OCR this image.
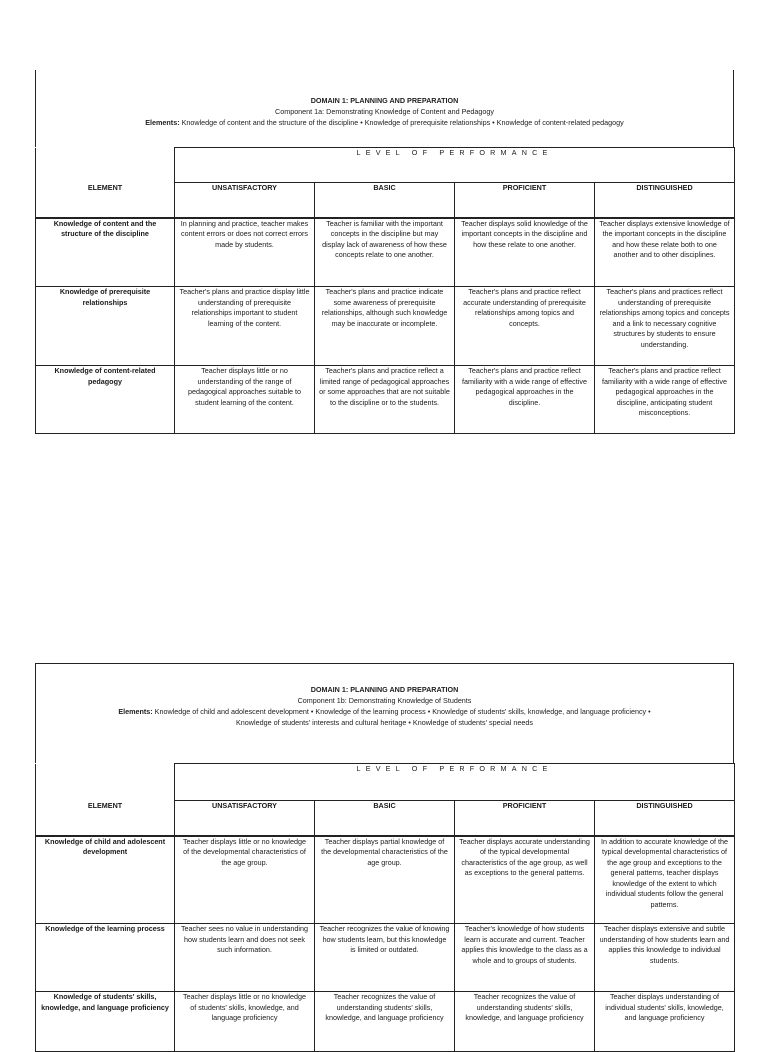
DOMAIN 1: PLANNING AND PREPARATION
Component 1a: Demonstrating Knowledge of Content and Pedagogy
Elements: Knowledge of content and the structure of the discipline • Knowledge of prerequisite relationships • Knowledge of content-related pedagogy
	LEVEL OF PERFORMANCE			
ELEMENT	UNSATISFACTORY	BASIC	PROFICIENT	DISTINGUISHED
Knowledge of content and the structure of the discipline	In planning and practice, teacher makes content errors or does not correct errors made by students.	Teacher is familiar with the important concepts in the discipline but may display lack of awareness of how these concepts relate to one another.	Teacher displays solid knowledge of the important concepts in the discipline and how these relate to one another.	Teacher displays extensive knowledge of the important concepts in the discipline and how these relate both to one another and to other disciplines.
Knowledge of prerequisite relationships	Teacher's plans and practice display little understanding of prerequisite relationships important to student learning of the content.	Teacher's plans and practice indicate some awareness of prerequisite relationships, although such knowledge may be inaccurate or incomplete.	Teacher's plans and practice reflect accurate understanding of prerequisite relationships among topics and concepts.	Teacher's plans and practices reflect understanding of prerequisite relationships among topics and concepts and a link to necessary cognitive structures by students to ensure understanding.
Knowledge of content-related pedagogy	Teacher displays little or no understanding of the range of pedagogical approaches suitable to student learning of the content.	Teacher's plans and practice reflect a limited range of pedagogical approaches or some approaches that are not suitable to the discipline or to the students.	Teacher's plans and practice reflect familiarity with a wide range of effective pedagogical approaches in the discipline.	Teacher's plans and practice reflect familiarity with a wide range of effective pedagogical approaches in the discipline, anticipating student misconceptions.
DOMAIN 1: PLANNING AND PREPARATION
Component 1b: Demonstrating Knowledge of Students
Elements: Knowledge of child and adolescent development • Knowledge of the learning process • Knowledge of students' skills, knowledge, and language proficiency •
Knowledge of students' interests and cultural heritage • Knowledge of students' special needs
	LEVEL OF PERFORMANCE			
ELEMENT	UNSATISFACTORY	BASIC	PROFICIENT	DISTINGUISHED
Knowledge of child and adolescent development	Teacher displays little or no knowledge of the developmental characteristics of the age group.	Teacher displays partial knowledge of the developmental characteristics of the age group.	Teacher displays accurate understanding of the typical developmental characteristics of the age group, as well as exceptions to the general patterns.	In addition to accurate knowledge of the typical developmental characteristics of the age group and exceptions to the general patterns, teacher displays knowledge of the extent to which individual students follow the general patterns.
Knowledge of the learning process	Teacher sees no value in understanding how students learn and does not seek such information.	Teacher recognizes the value of knowing how students learn, but this knowledge is limited or outdated.	Teacher's knowledge of how students learn is accurate and current. Teacher applies this knowledge to the class as a whole and to groups of students.	Teacher displays extensive and subtle understanding of how students learn and applies this knowledge to individual students.
Knowledge of students' skills, knowledge, and language proficiency	Teacher displays little or no knowledge of students' skills, knowledge, and language proficiency	Teacher recognizes the value of understanding students' skills, knowledge, and language proficiency	Teacher recognizes the value of understanding students' skills, knowledge, and language proficiency	Teacher displays understanding of individual students' skills, knowledge, and language proficiency
